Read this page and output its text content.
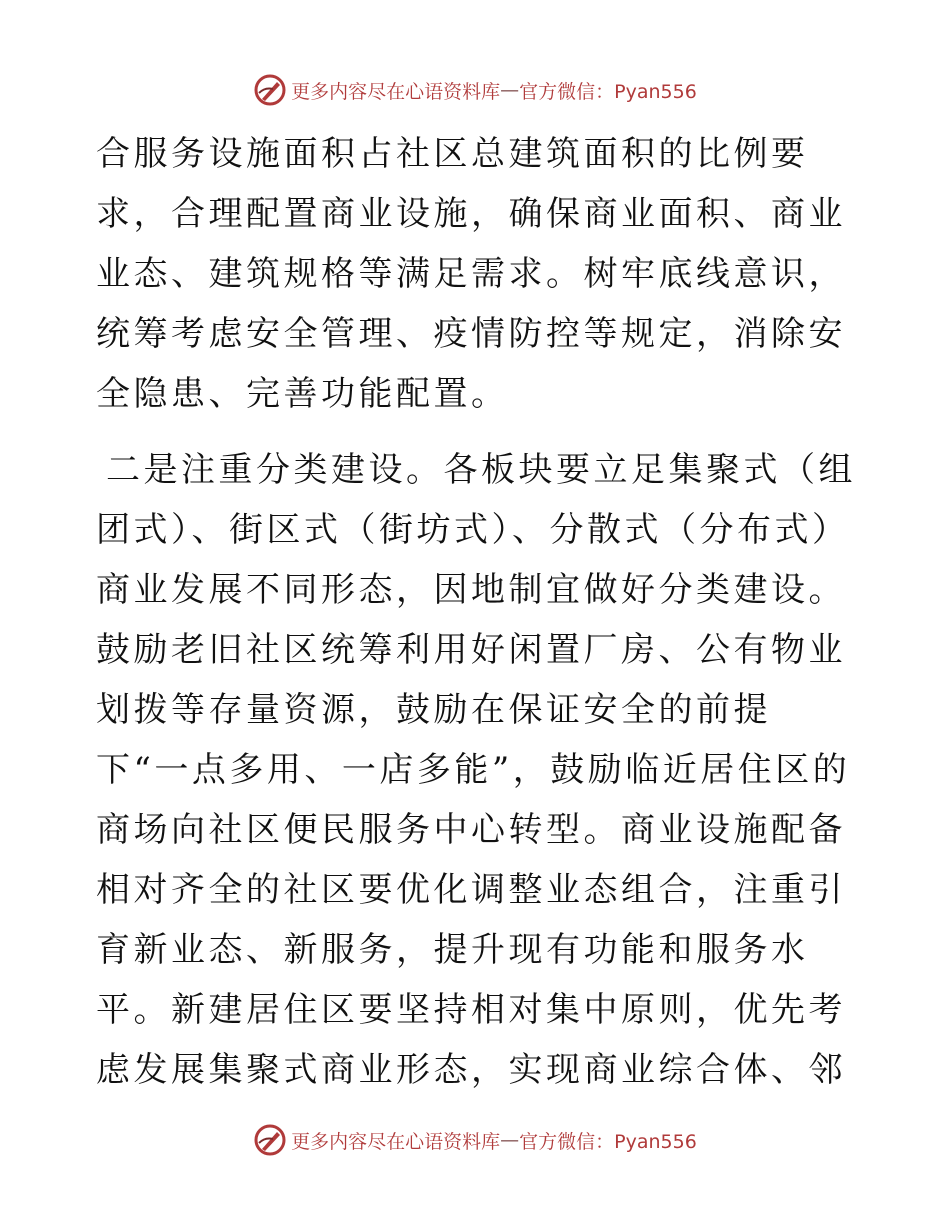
更多内容尽在心语资料库 — 官方微信：Pyan556

合服务设施面积占社区总建筑面积的比例要求，合理配置商业设施，确保商业面积、商业业态、建筑规格等满足需求。树牢底线意识，统筹考虑安全管理、疫情防控等规定，消除安全隐患、完善功能配置。

二是注重分类建设。各板块要立足集聚式（组团式）、街区式（街坊式）、分散式（分布式）商业发展不同形态，因地制宜做好分类建设。鼓励老旧社区统筹利用好闲置厂房、公有物业划拨等存量资源，鼓励在保证安全的前提下“一点多用、一店多能”，鼓励临近居住区的商场向社区便民服务中心转型。商业设施配备相对齐全的社区要优化调整业态组合，注重引育新业态、新服务，提升现有功能和服务水平。新建居住区要坚持相对集中原则，优先考虑发展集聚式商业形态，实现商业综合体、邻

更多内容尽在心语资料库 — 官方微信：Pyan556
